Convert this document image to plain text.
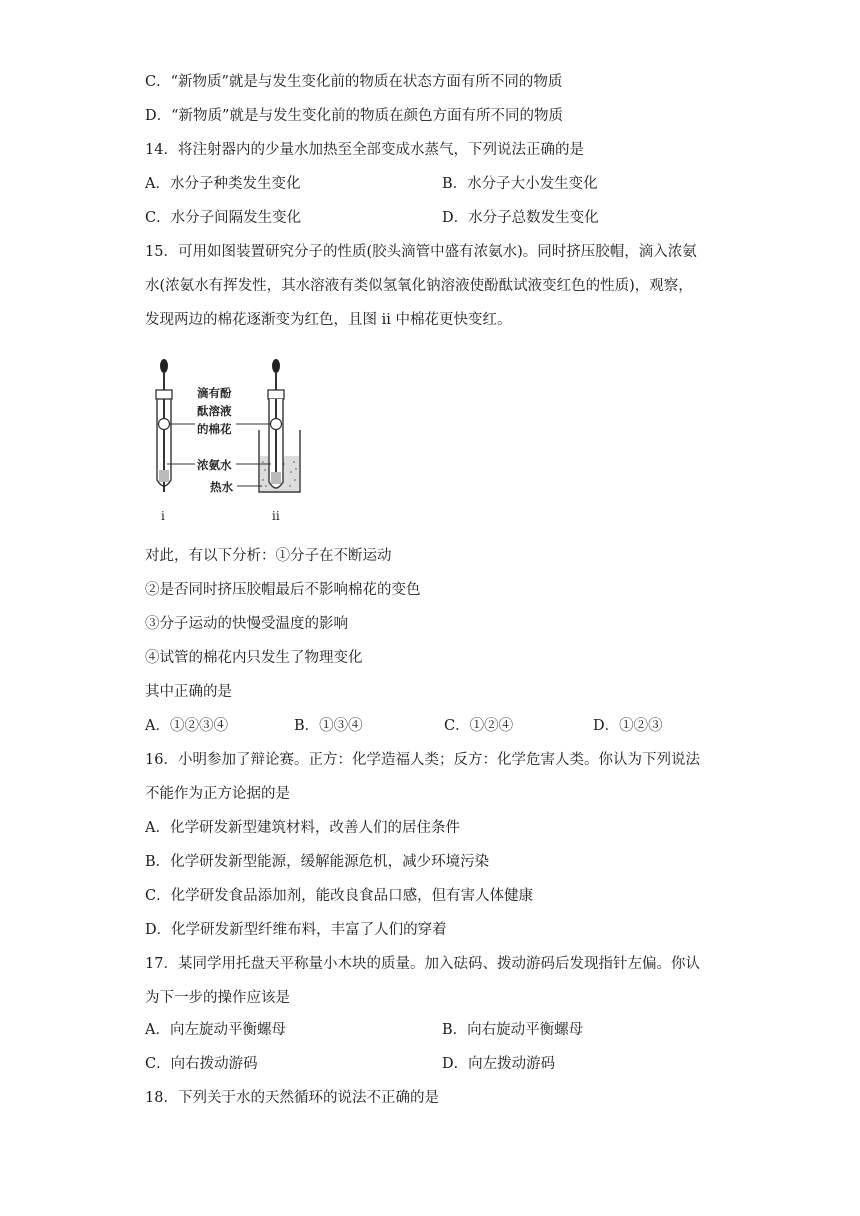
C．“新物质”就是与发生变化前的物质在状态方面有所不同的物质
D．“新物质”就是与发生变化前的物质在颜色方面有所不同的物质
14．将注射器内的少量水加热至全部变成水蒸气，下列说法正确的是
A．水分子种类发生变化	B．水分子大小发生变化
C．水分子间隔发生变化	D．水分子总数发生变化
15．可用如图装置研究分子的性质(胶头滴管中盛有浓氨水)。同时挤压胶帽，滴入浓氨
水(浓氨水有挥发性，其水溶液有类似氢氧化钠溶液使酚酞试液变红色的性质)，观察，
发现两边的棉花逐渐变为红色，且图 ii 中棉花更快变红。
i	ii
滴有酚
酞溶液
的棉花
浓氨水
热水
对此，有以下分析：①分子在不断运动
②是否同时挤压胶帽最后不影响棉花的变色
③分子运动的快慢受温度的影响
④试管的棉花内只发生了物理变化
其中正确的是
A．①②③④	B．①③④	C．①②④	D．①②③
16．小明参加了辩论赛。正方：化学造福人类；反方：化学危害人类。你认为下列说法
不能作为正方论据的是
A．化学研发新型建筑材料，改善人们的居住条件
B．化学研发新型能源，缓解能源危机，减少环境污染
C．化学研发食品添加剂，能改良食品口感，但有害人体健康
D．化学研发新型纤维布料，丰富了人们的穿着
17．某同学用托盘天平称量小木块的质量。加入砝码、拨动游码后发现指针左偏。你认
为下一步的操作应该是
A．向左旋动平衡螺母	B．向右旋动平衡螺母
C．向右拨动游码	D．向左拨动游码
18．下列关于水的天然循环的说法不正确的是
